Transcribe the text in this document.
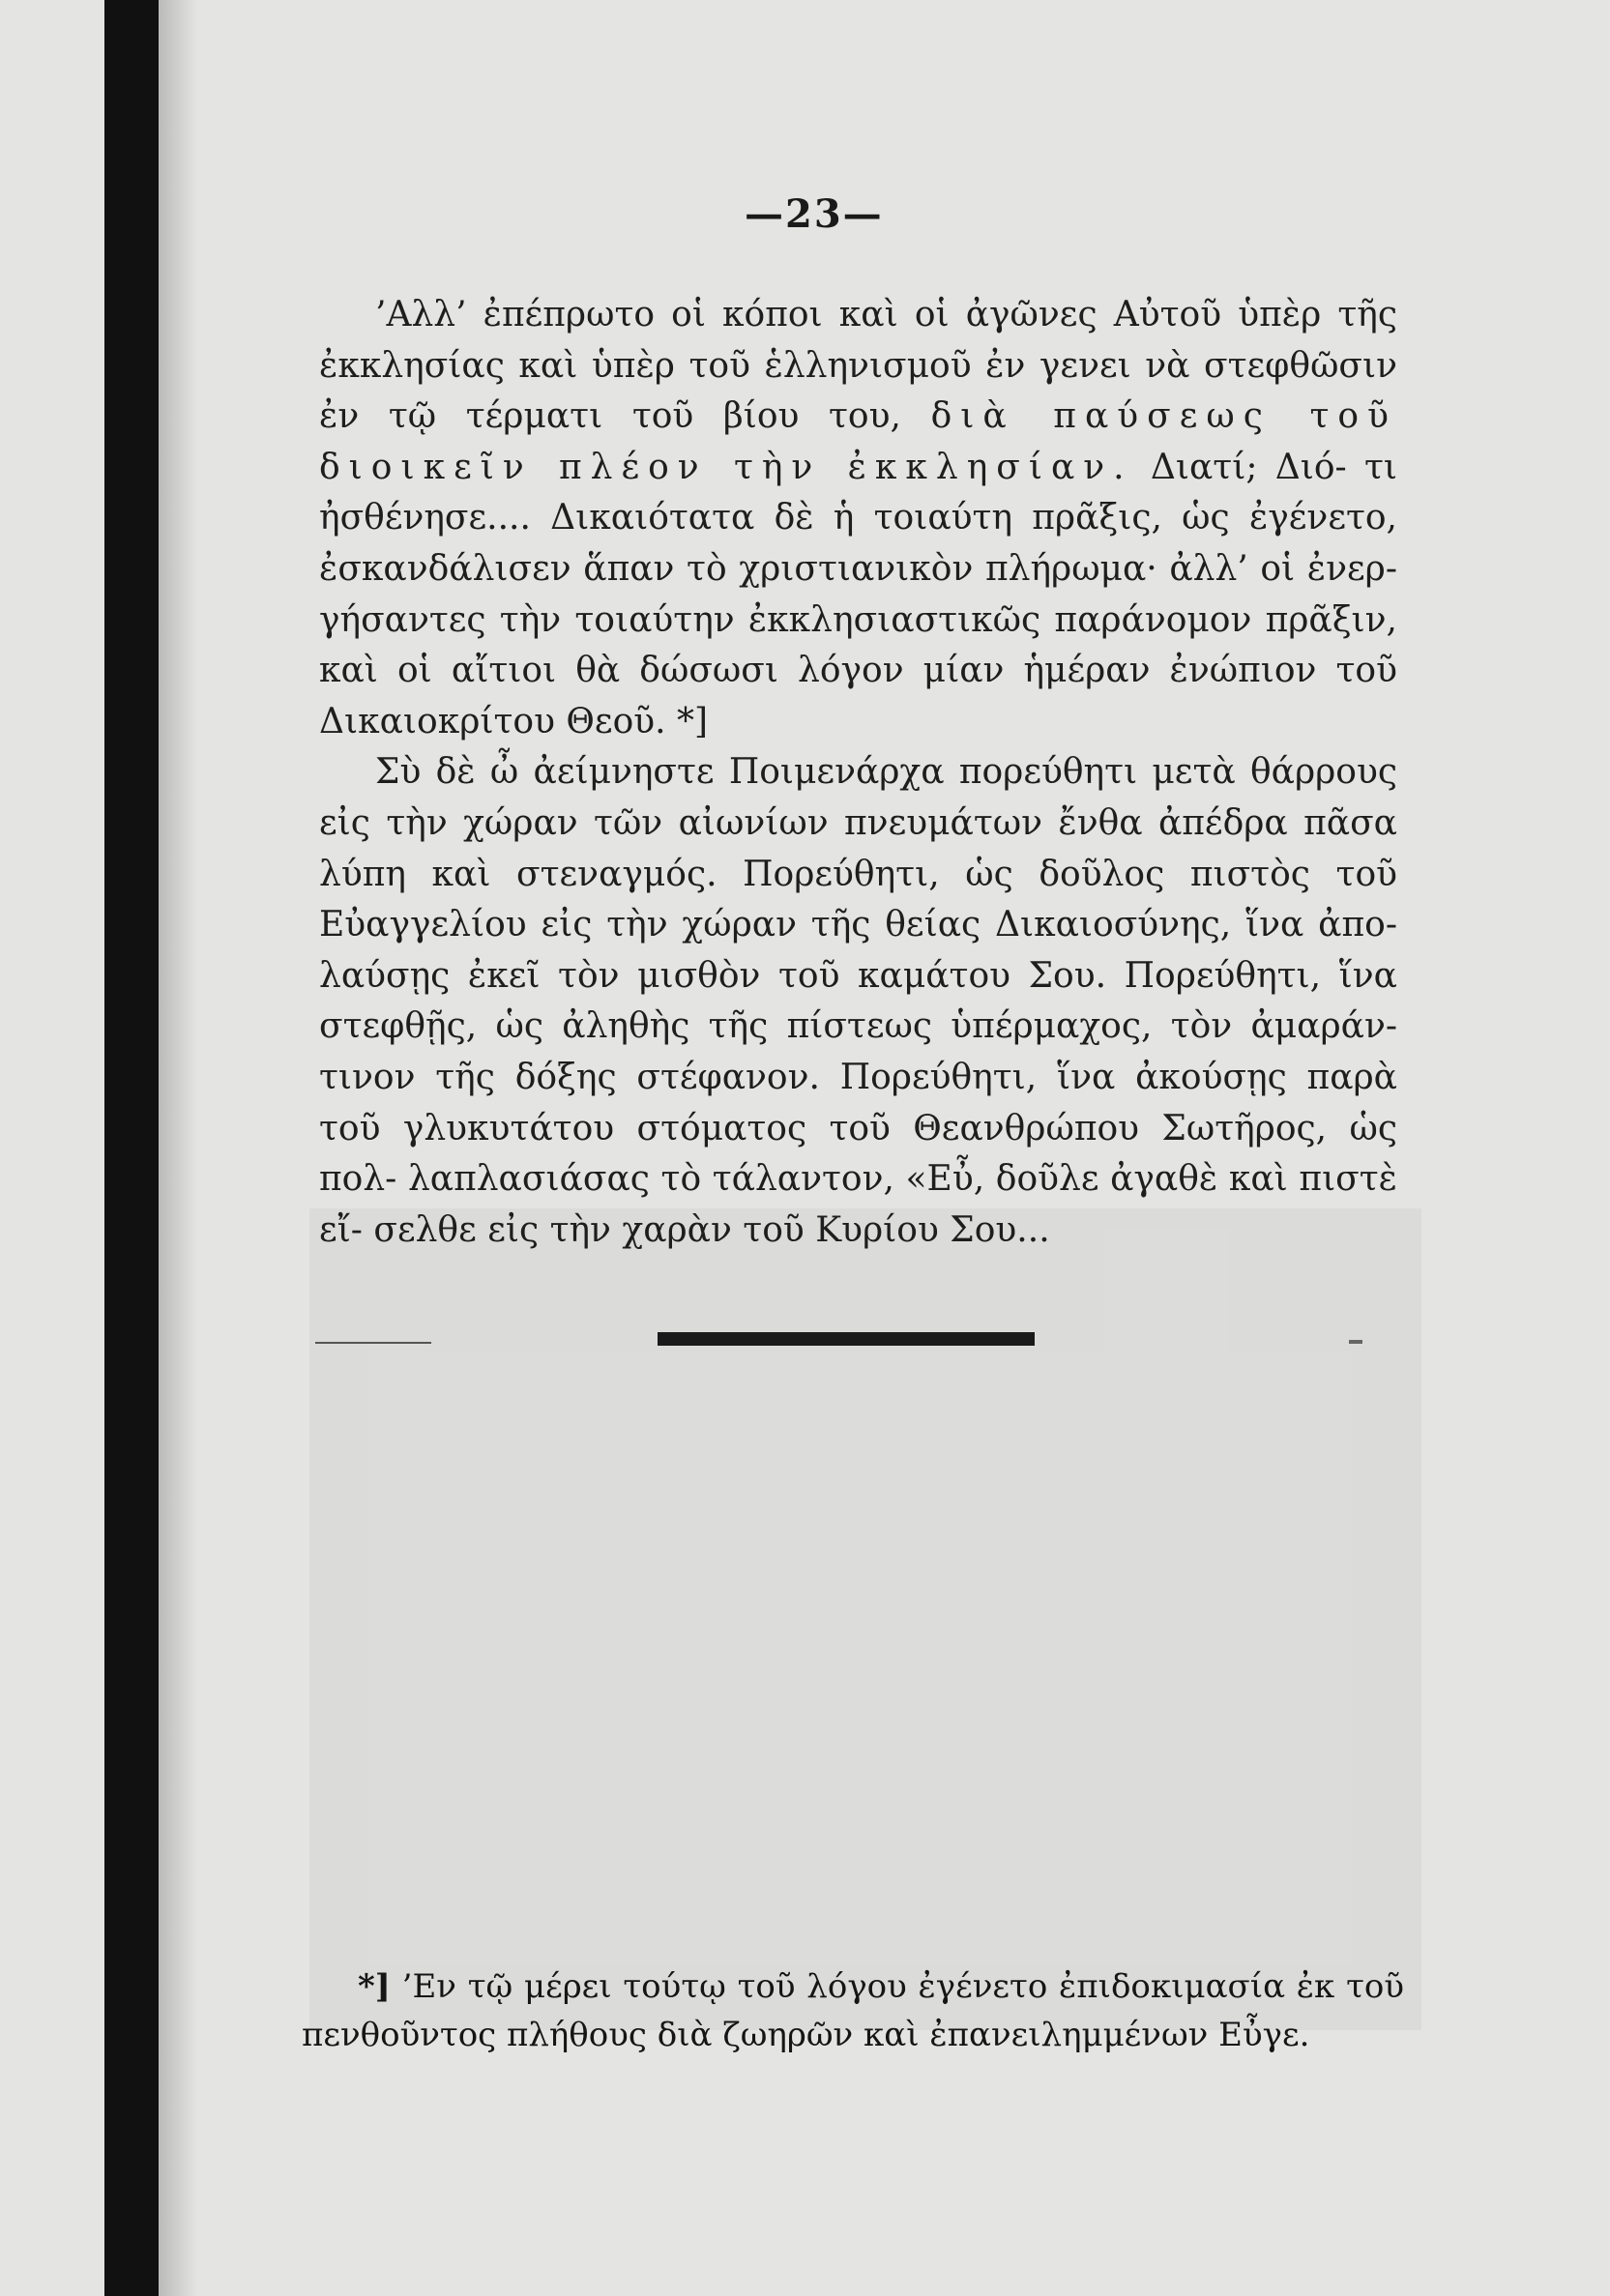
—23—

’Αλλ’ ἐπέπρωτο οἱ κόποι καὶ οἱ ἀγῶνες Αὐτοῦ ὑπὲρ τῆς ἐκκλησίας καὶ ὑπὲρ τοῦ ἑλληνισμοῦ ἐν γενει νὰ στεφθῶσιν ἐν τῷ τέρματι τοῦ βίου του, διὰ παύσεως τοῦ διοικεῖν πλέον τὴν ἐκκλησίαν. Διατί; Διό- τι ἠσθένησε.... Δικαιότατα δὲ ἡ τοιαύτη πρᾶξις, ὡς ἐγένετο, ἐσκανδάλισεν ἅπαν τὸ χριστιανικὸν πλήρωμα· ἀλλ’ οἱ ἐνερ- γήσαντες τὴν τοιαύτην ἐκκλησιαστικῶς παράνομον πρᾶξιν, καὶ οἱ αἴτιοι θὰ δώσωσι λόγον μίαν ἡμέραν ἐνώπιον τοῦ Δικαιοκρίτου Θεοῦ. *]

Σὺ δὲ ὦ ἀείμνηστε Ποιμενάρχα πορεύθητι μετὰ θάρρους εἰς τὴν χώραν τῶν αἰωνίων πνευμάτων ἔνθα ἀπέδρα πᾶσα λύπη καὶ στεναγμός. Πορεύθητι, ὡς δοῦλος πιστὸς τοῦ Εὐαγγελίου εἰς τὴν χώραν τῆς θείας Δικαιοσύνης, ἵνα ἀπο- λαύσῃς ἐκεῖ τὸν μισθὸν τοῦ καμάτου Σου. Πορεύθητι, ἵνα στεφθῇς, ὡς ἀληθὴς τῆς πίστεως ὑπέρμαχος, τὸν ἀμαράν- τινον τῆς δόξης στέφανον. Πορεύθητι, ἵνα ἀκούσῃς παρὰ τοῦ γλυκυτάτου στόματος τοῦ Θεανθρώπου Σωτῆρος, ὡς πολ- λαπλασιάσας τὸ τάλαντον, «Εὖ, δοῦλε ἀγαθὲ καὶ πιστὲ εἴ- σελθε εἰς τὴν χαρὰν τοῦ Κυρίου Σου...

*] ’Εν τῷ μέρει τούτῳ τοῦ λόγου ἐγένετο ἐπιδοκιμασία ἐκ τοῦ πενθοῦντος πλήθους διὰ ζωηρῶν καὶ ἐπανειλημμένων Εὖγε.
